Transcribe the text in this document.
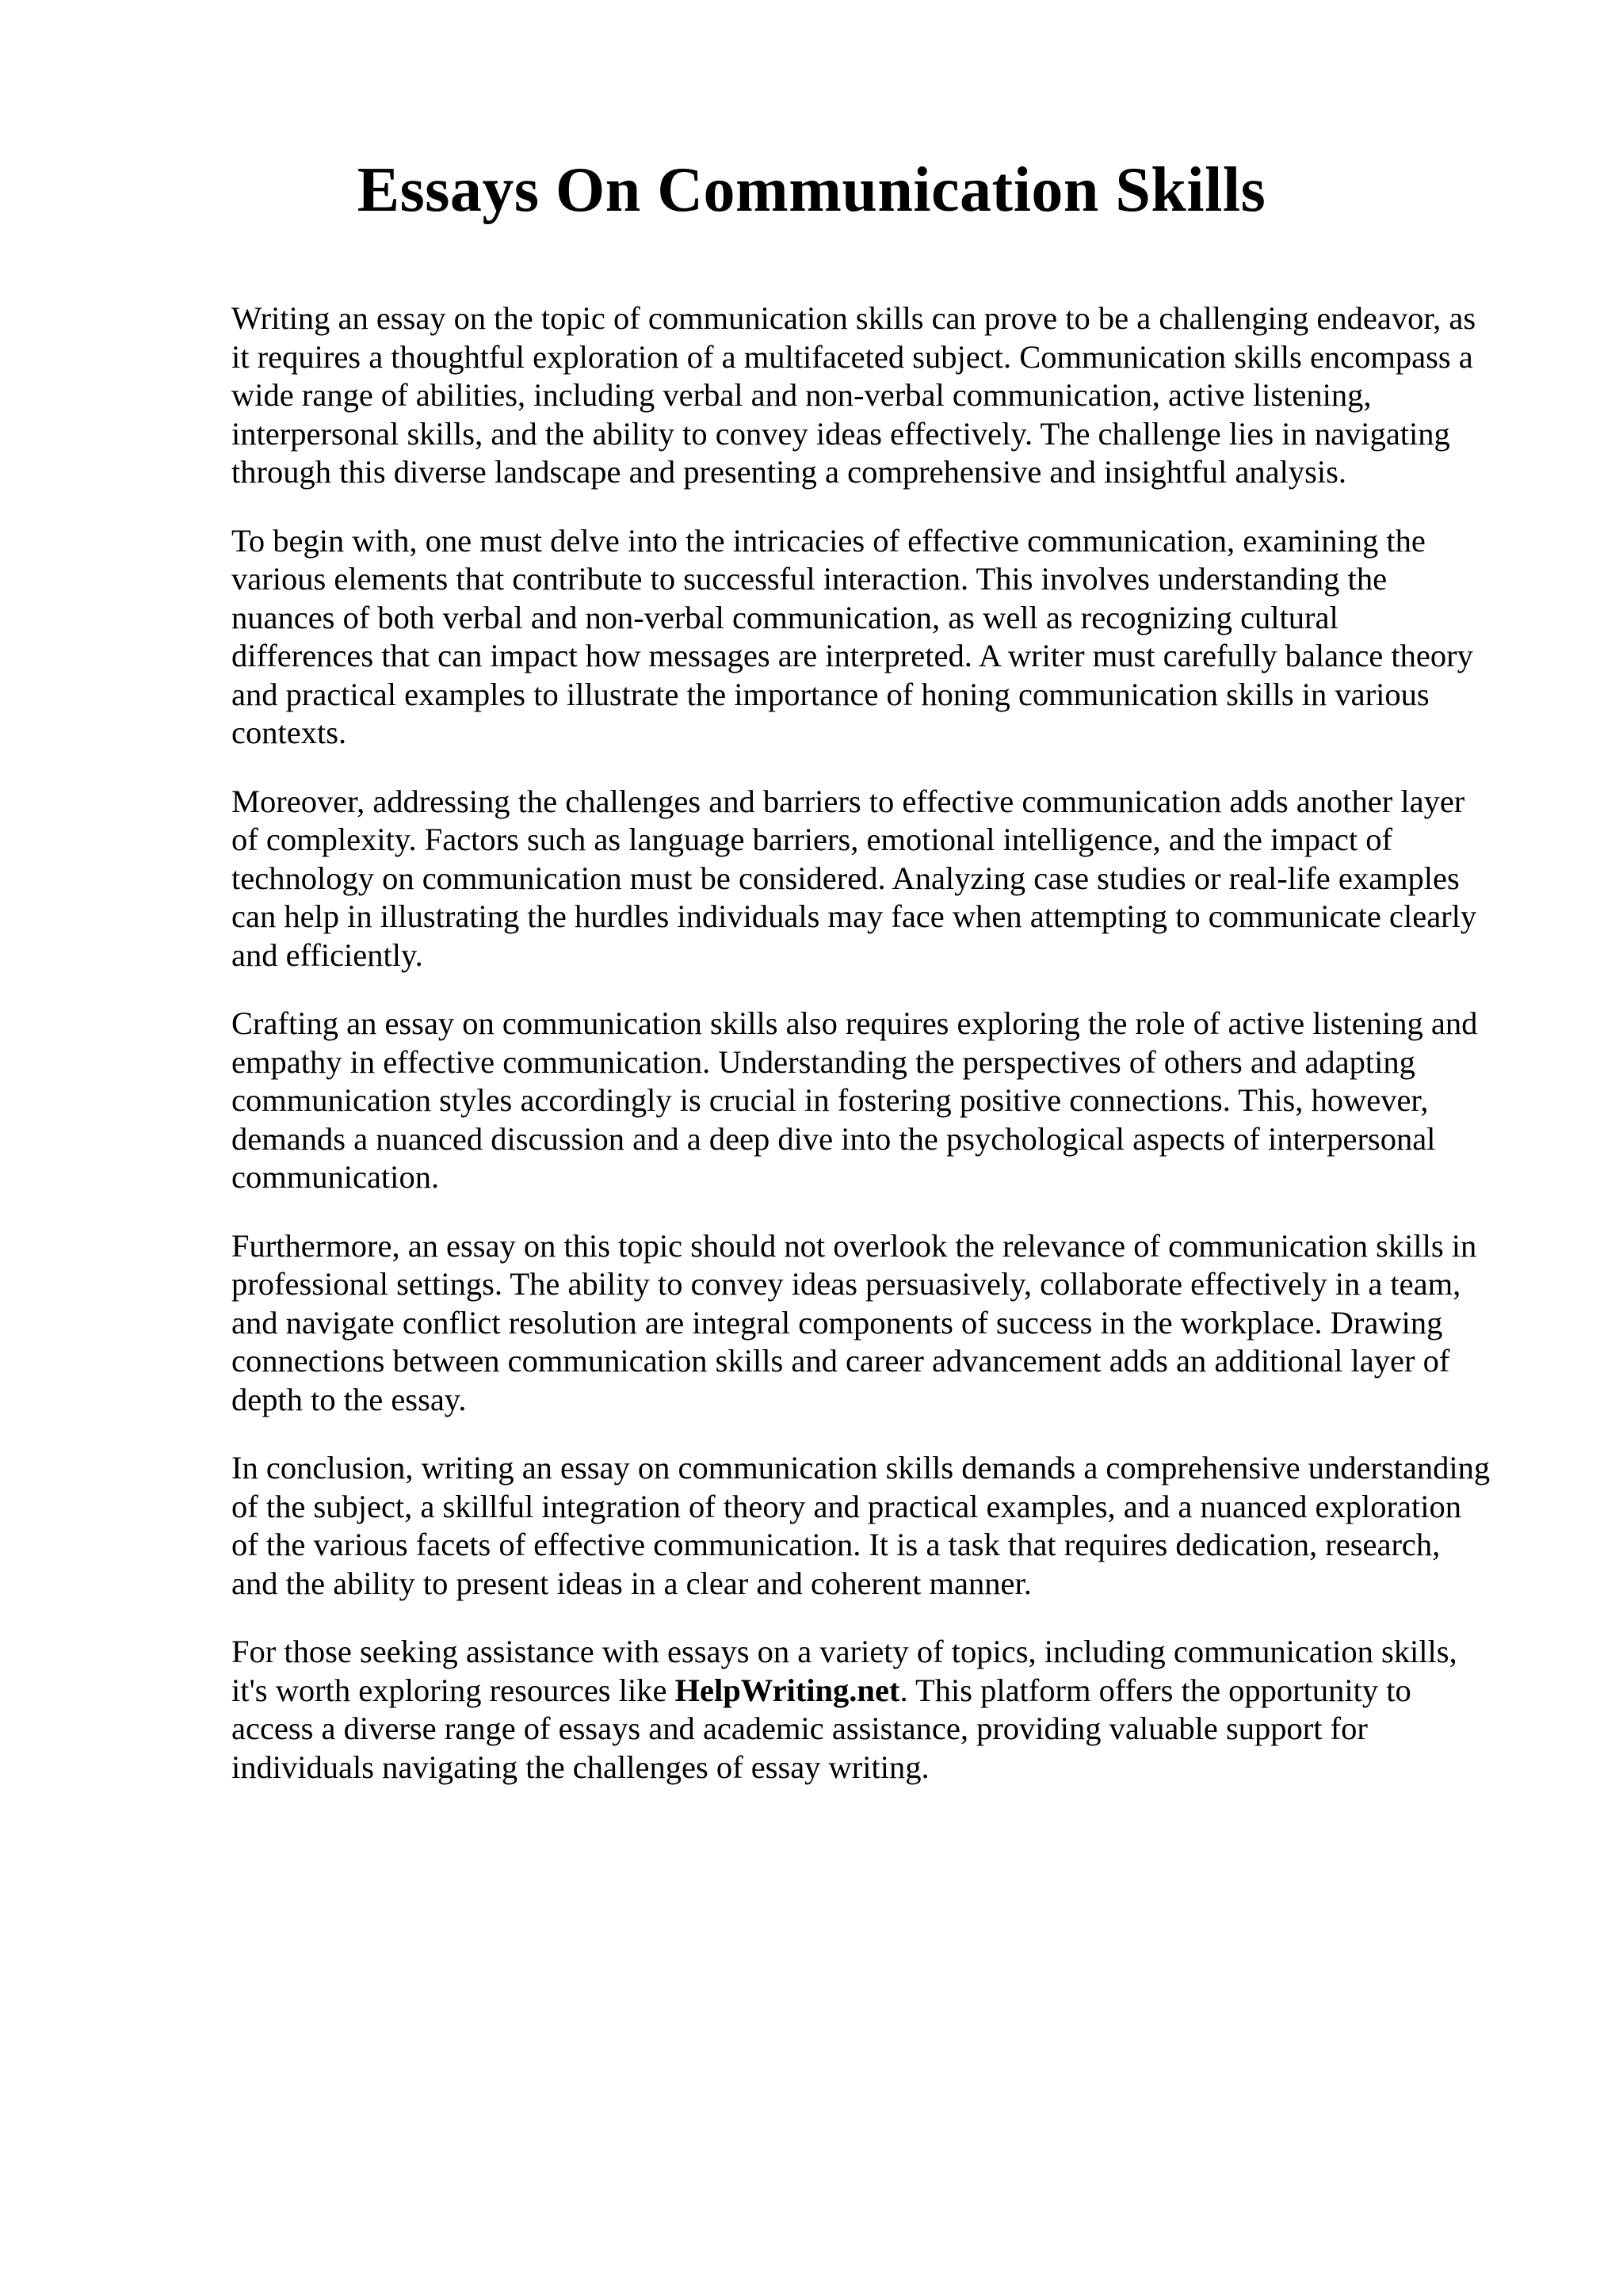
Essays On Communication Skills

Writing an essay on the topic of communication skills can prove to be a challenging endeavor, as
it requires a thoughtful exploration of a multifaceted subject. Communication skills encompass a
wide range of abilities, including verbal and non-verbal communication, active listening,
interpersonal skills, and the ability to convey ideas effectively. The challenge lies in navigating
through this diverse landscape and presenting a comprehensive and insightful analysis.

To begin with, one must delve into the intricacies of effective communication, examining the
various elements that contribute to successful interaction. This involves understanding the
nuances of both verbal and non-verbal communication, as well as recognizing cultural
differences that can impact how messages are interpreted. A writer must carefully balance theory
and practical examples to illustrate the importance of honing communication skills in various
contexts.

Moreover, addressing the challenges and barriers to effective communication adds another layer
of complexity. Factors such as language barriers, emotional intelligence, and the impact of
technology on communication must be considered. Analyzing case studies or real-life examples
can help in illustrating the hurdles individuals may face when attempting to communicate clearly
and efficiently.

Crafting an essay on communication skills also requires exploring the role of active listening and
empathy in effective communication. Understanding the perspectives of others and adapting
communication styles accordingly is crucial in fostering positive connections. This, however,
demands a nuanced discussion and a deep dive into the psychological aspects of interpersonal
communication.

Furthermore, an essay on this topic should not overlook the relevance of communication skills in
professional settings. The ability to convey ideas persuasively, collaborate effectively in a team,
and navigate conflict resolution are integral components of success in the workplace. Drawing
connections between communication skills and career advancement adds an additional layer of
depth to the essay.

In conclusion, writing an essay on communication skills demands a comprehensive understanding
of the subject, a skillful integration of theory and practical examples, and a nuanced exploration
of the various facets of effective communication. It is a task that requires dedication, research,
and the ability to present ideas in a clear and coherent manner.

For those seeking assistance with essays on a variety of topics, including communication skills,
it's worth exploring resources like HelpWriting.net. This platform offers the opportunity to
access a diverse range of essays and academic assistance, providing valuable support for
individuals navigating the challenges of essay writing.
